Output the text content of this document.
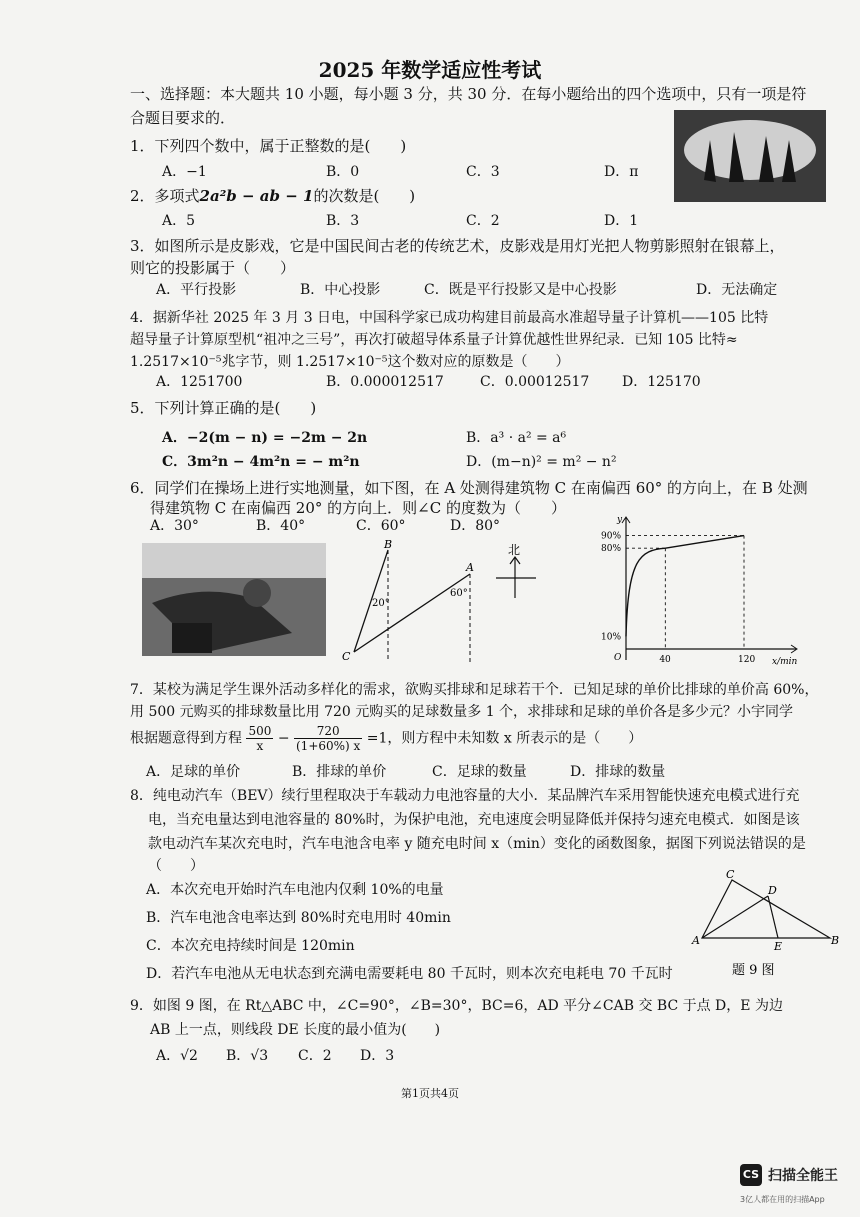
2025 年数学适应性考试
一、选择题：本大题共 10 小题，每小题 3 分，共 30 分．在每小题给出的四个选项中，只有一项是符
合题目要求的．
1．下列四个数中，属于正整数的是(　　)
A．−1	B．0	C．3	D．π
2．多项式2a²b − ab − 1的次数是(　　)
A．5	B．3	C．2	D．1
3．如图所示是皮影戏，它是中国民间古老的传统艺术，皮影戏是用灯光把人物剪影照射在银幕上，
则它的投影属于（　　）
A．平行投影	B．中心投影	C．既是平行投影又是中心投影	D．无法确定
4．据新华社 2025 年 3 月 3 日电，中国科学家已成功构建目前最高水准超导量子计算机——105 比特
超导量子计算原型机“祖冲之三号”，再次打破超导体系量子计算优越性世界纪录．已知 105 比特≈
1.2517×10⁻⁵兆字节，则 1.2517×10⁻⁵这个数对应的原数是（　　）
A．1251700	B．0.000012517	C．0.00012517 D．125170
5．下列计算正确的是(　　)
A．−2(m − n) = −2m − 2n	B．a³ · a² = a⁶
C．3m²n − 4m²n = − m²n	D．(m−n)² = m² − n²
6．同学们在操场上进行实地测量，如下图，在 A 处测得建筑物 C 在南偏西 60° 的方向上，在 B 处测
得建筑物 C 在南偏西 20° 的方向上．则∠C 的度数为（　　）
A．30°	B．40°	C．60°	D．80°
B
A
C
20°
60°
北
y
x/min
O
90%
80%
10%
40	120
7．某校为满足学生课外活动多样化的需求，欲购买排球和足球若干个．已知足球的单价比排球的单价高 60%，
用 500 元购买的排球数量比用 720 元购买的足球数量多 1 个，求排球和足球的单价各是多少元？小宇同学
根据题意得到方程 $\frac{500}{x} - \frac{720}{(1+60\%) x} =1$，则方程中未知数 x 所表示的是（　　）
A．足球的单价	B．排球的单价	C．足球的数量	D．排球的数量
8．纯电动汽车（BEV）续行里程取决于车载动力电池容量的大小．某品牌汽车采用智能快速充电模式进行充
电，当充电量达到电池容量的 80%时，为保护电池，充电速度会明显降低并保持匀速充电模式．如图是该
款电动汽车某次充电时，汽车电池含电率 y 随充电时间 x（min）变化的函数图象，据图下列说法错误的是
（　　）
A．本次充电开始时汽车电池内仅剩 10%的电量
B．汽车电池含电率达到 80%时充电用时 40min
C．本次充电持续时间是 120min
D．若汽车电池从无电状态到充满电需要耗电 80 千瓦时，则本次充电耗电 70 千瓦时
C
D
A	E	B
题 9 图
9．如图 9 图，在 Rt△ABC 中，∠C=90°，∠B=30°，BC=6，AD 平分∠CAB 交 BC 于点 D，E 为边
AB 上一点，则线段 DE 长度的最小值为(　　)
A．√2 B．√3 C．2 D．3
第1页共4页
CS 扫描全能王
3亿人都在用的扫描App
